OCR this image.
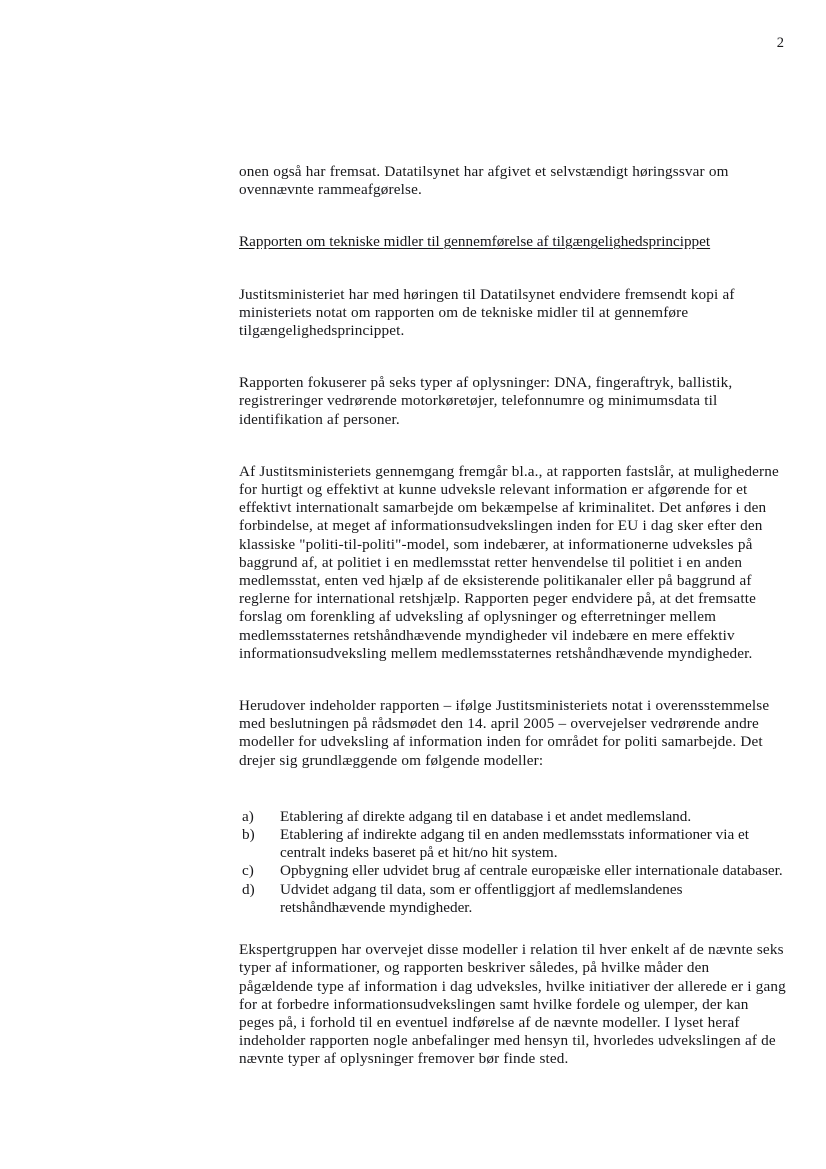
2

onen også har fremsat. Datatilsynet har afgivet et selvstændigt høringssvar om ovennævnte rammeafgørelse.

Rapporten om tekniske midler til gennemførelse af tilgængelighedsprincippet

Justitsministeriet har med høringen til Datatilsynet endvidere fremsendt kopi af ministeriets notat om rapporten om de tekniske midler til at gennemføre tilgængelighedsprincippet.

Rapporten fokuserer på seks typer af oplysninger: DNA, fingeraftryk, ballistik, registreringer vedrørende motorkøretøjer, telefonnumre og minimumsdata til identifikation af personer.

Af Justitsministeriets gennemgang fremgår bl.a., at rapporten fastslår, at mulighederne for hurtigt og effektivt at kunne udveksle relevant information er afgørende for et effektivt internationalt samarbejde om bekæmpelse af kriminalitet. Det anføres i den forbindelse, at meget af informationsudvekslingen inden for EU i dag sker efter den klassiske "politi-til-politi"-model, som indebærer, at informationerne udveksles på baggrund af, at politiet i en medlemsstat retter henvendelse til politiet i en anden medlemsstat, enten ved hjælp af de eksisterende politikanaler eller på baggrund af reglerne for international retshjælp. Rapporten peger endvidere på, at det fremsatte forslag om forenkling af udveksling af oplysninger og efterretninger mellem medlemsstaternes retshåndhævende myndigheder vil indebære en mere effektiv informationsudveksling mellem medlemsstaternes retshåndhævende myndigheder.

Herudover indeholder rapporten – ifølge Justitsministeriets notat i overensstemmelse med beslutningen på rådsmødet den 14. april 2005 – overvejelser vedrørende andre modeller for udveksling af information inden for området for politi samarbejde. Det drejer sig grundlæggende om følgende modeller:

a)	Etablering af direkte adgang til en database i et andet medlemsland.
b)	Etablering af indirekte adgang til en anden medlemsstats informationer via et centralt indeks baseret på et hit/no hit system.
c)	Opbygning eller udvidet brug af centrale europæiske eller internationale databaser.
d)	Udvidet adgang til data, som er offentliggjort af medlemslandenes retshåndhævende myndigheder.

Ekspertgruppen har overvejet disse modeller i relation til hver enkelt af de nævnte seks typer af informationer, og rapporten beskriver således, på hvilke måder den pågældende type af information i dag udveksles, hvilke initiativer der allerede er i gang for at forbedre informationsudvekslingen samt hvilke fordele og ulemper, der kan peges på, i forhold til en eventuel indførelse af de nævnte modeller. I lyset heraf indeholder rapporten nogle anbefalinger med hensyn til, hvorledes udvekslingen af de nævnte typer af oplysninger fremover bør finde sted.
